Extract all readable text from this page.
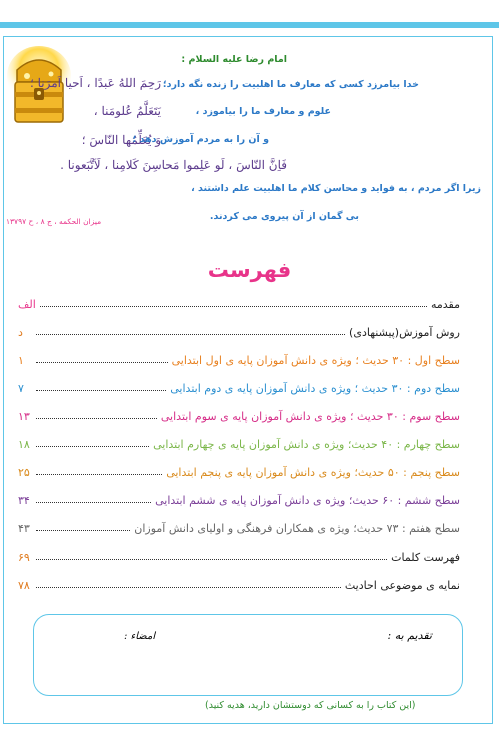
امام رضا علیه السلام :
رَحِمَ اللهُ عَبدًا ، اَحیا اَمرَنا ؛ خدا بیامرزد کسی که معارف ما اهلبیت را زنده نگه دارد؛
یَتَعَلَّمُ عُلومَنا ،	علوم و معارف ما را بیاموزد ،
وَ یُعَلِّمُها النّاسَ ؛
و آن را به مردم آموزش دهد ؛
فَاِنَّ النّاسَ ، لَو عَلِموا مَحاسِنَ کَلامِنا ، لَاَتَّبَعونا .
زیرا اگر مردم ، به فواید و محاسن کلام ما اهلبیت علم داشتند ،
بی گمان از آن پیروی می کردند.
میزان الحکمه ، ج ۸ ، ح ۱۳۷۹۷
فهرست
مقدمه
الف
روش آموزش(پیشنهادی)
د
سطح اول : ۳۰ حدیث ؛ ویژه ی دانش آموزان پایه ی اول ابتدایی
۱
سطح دوم : ۳۰ حدیث ؛ ویژه ی دانش آموزان پایه ی دوم ابتدایی
۷
سطح سوم : ۳۰ حدیث ؛ ویژه ی دانش آموزان پایه ی سوم ابتدایی
۱۳
سطح چهارم : ۴۰ حدیث؛ ویژه ی دانش آموزان پایه ی چهارم ابتدایی
۱۸
سطح پنجم : ۵۰ حدیث؛ ویژه ی دانش آموزان پایه ی پنجم ابتدایی
۲۵
سطح ششم : ۶۰ حدیث؛ ویژه ی دانش آموزان پایه ی ششم ابتدایی
۳۴
سطح هفتم : ۷۳ حدیث؛ ویژه ی همکاران فرهنگی و اولیای دانش آموزان
۴۳
فهرست کلمات
۶۹
نمایه ی موضوعی احادیث
۷۸
تقدیم به :
امضاء :
(این کتاب را به کسانی که دوستشان دارید، هدیه کنید)
